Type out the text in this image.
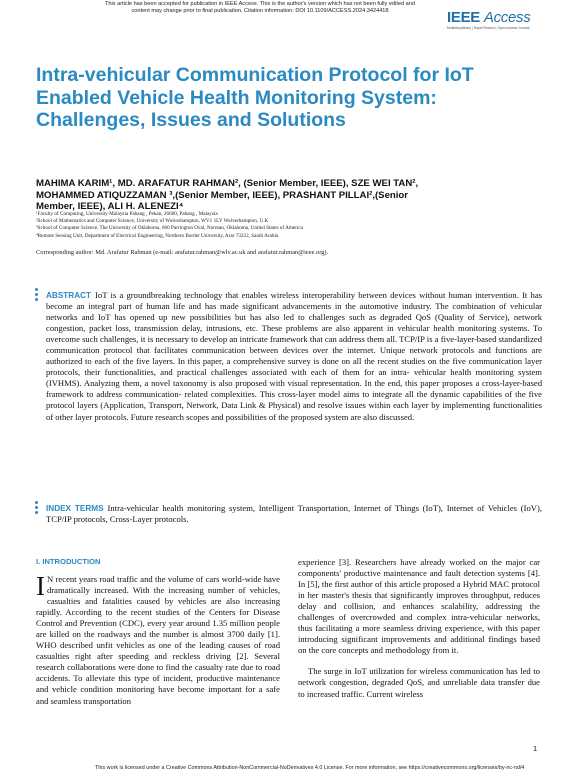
This article has been accepted for publication in IEEE Access. This is the author's version which has not been fully edited and
content may change prior to final publication. Citation information: DOI 10.1109/ACCESS.2024.3424418	IEEE Access
Multidisciplinary | Rapid Review | Open Access Journal
Intra-vehicular Communication Protocol for IoT Enabled Vehicle Health Monitoring System: Challenges, Issues and Solutions
MAHIMA KARIM¹, MD. ARAFATUR RAHMAN², (Senior Member, IEEE), SZE WEI TAN²,
MOHAMMED ATIQUZZAMAN ³,(Senior Member, IEEE), PRASHANT PILLAI²,(Senior
Member, IEEE), ALI H. ALENEZI⁴
¹Faculty of Computing, University Malaysia Pahang , Pekan, 26600, Pahang , Malaysia
²School of Mathematics and Computer Science, University of Wolverhampton, WV1 1LY Wolverhampton, U.K
³School of Computer Science, The University of Oklahoma, 660 Parrington Oval, Norman, Oklahoma, United States of America
⁴Remote Sensing Unit, Department of Electrical Engineering, Northern Border University, Arar 73222, Saudi Arabia
Corresponding author: Md. Arafatur Rahman (e-mail: arafatur.rahman@wlv.ac.uk and arafatur.rahman@ieee.org).
ABSTRACT IoT is a groundbreaking technology that enables wireless interoperability between devices without human intervention. It has become an integral part of human life and has made significant advancements in the automotive industry. The combination of vehicular networks and IoT has opened up new possibilities but has also led to challenges such as degraded QoS (Quality of Service), network congestion, packet loss, transmission delay, intrusions, etc. These problems are also apparent in vehicular health monitoring systems. To overcome such challenges, it is necessary to develop an intricate framework that can address them all. TCP/IP is a five-layer-based standardized communication protocol that facilitates communication between devices over the internet. Unique network protocols and functions are authorized to each of the five layers. In this paper, a comprehensive survey is done on all the recent studies on the five communication layer protocols, their functionalities, and practical challenges associated with each of them for an intra- vehicular health monitoring system (IVHMS). Analyzing them, a novel taxonomy is also proposed with visual representation. In the end, this paper proposes a cross-layer-based framework to address communication- related complexities. This cross-layer model aims to integrate all the dynamic capabilities of the five protocol layers (Application, Transport, Network, Data Link & Physical) and resolve issues within each layer by implementing functionalities of other layer protocols. Future research scopes and possibilities of the proposed system are also discussed.
INDEX TERMS Intra-vehicular health monitoring system, Intelligent Transportation, Internet of Things (IoT), Internet of Vehicles (IoV), TCP/IP protocols, Cross-Layer protocols.
I. INTRODUCTION

I N recent years road traffic and the volume of cars world-wide have dramatically increased. With the increasing number of vehicles, casualties and fatalities caused by vehicles are also increasing rapidly. According to the recent studies of the Centers for Disease Control and Prevention (CDC), every year around 1.35 million people are killed on the roadways and the number is almost 3700 daily [1]. WHO described unfit vehicles as one of the leading causes of road casualties right after speeding and reckless driving [2]. Several research collaborations were done to find the casualty rate due to road accidents. To alleviate this type of incident, productive maintenance and vehicle condition monitoring have become important for a safe and seamless transportation

experience [3]. Researchers have already worked on the major car components' productive maintenance and fault detection systems [4]. In [5], the first author of this article proposed a Hybrid MAC protocol in her master's thesis that significantly improves throughput, reduces delay and collision, and enhances scalability, addressing the challenges of overcrowded and complex intra-vehicular networks, thus facilitating a more seamless driving experience, with this paper introducing significant improvements and additional findings based on the core concepts and methodology from it.

The surge in IoT utilization for wireless communication has led to network congestion, degraded QoS, and unreliable data transfer due to increased traffic. Current wireless

1
This work is licensed under a Creative Commons Attribution-NonCommercial-NoDerivatives 4.0 License. For more information, see https://creativecommons.org/licenses/by-nc-nd/4
